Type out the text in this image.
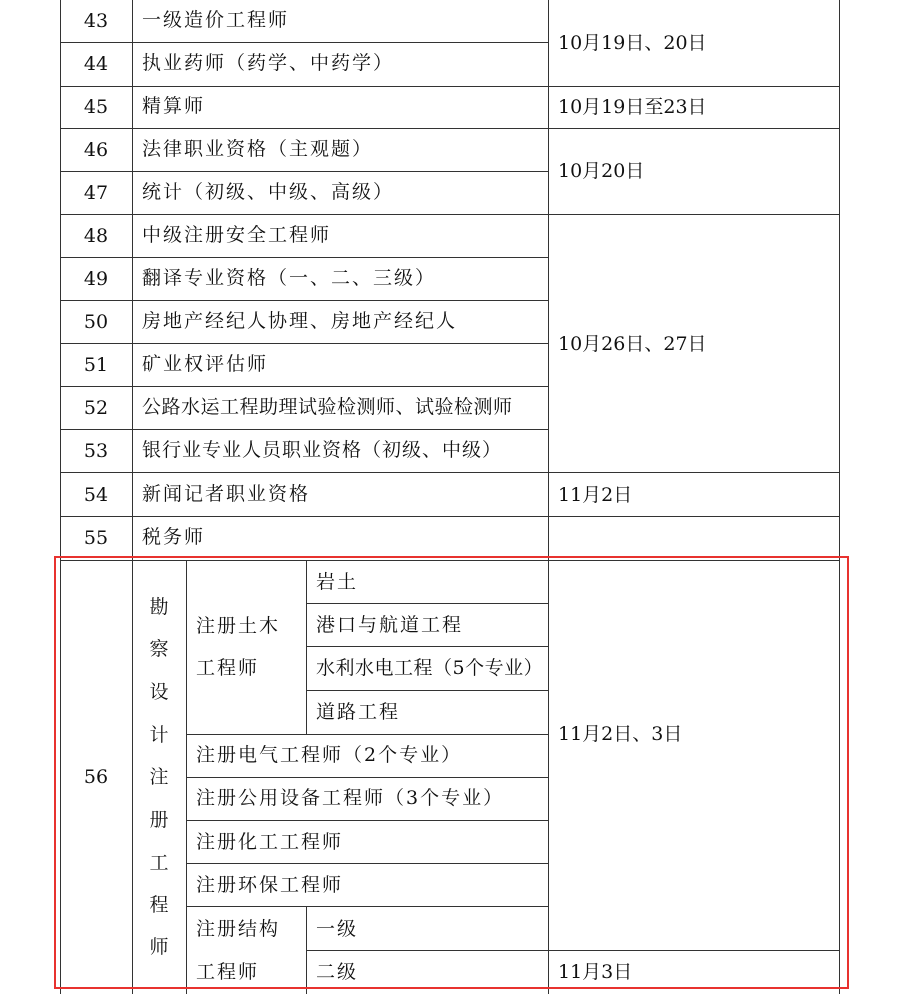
43
44
45
46
47
48
49
50
51
52
53
54
55
一级造价工程师
执业药师（药学、中药学）
精算师
法律职业资格（主观题）
统计（初级、中级、高级）
中级注册安全工程师
翻译专业资格（一、二、三级）
房地产经纪人协理、房地产经纪人
矿业权评估师
公路水运工程助理试验检测师、试验检测师
银行业专业人员职业资格（初级、中级）
新闻记者职业资格
税务师
10月19日、20日
10月19日至23日
10月20日
10月26日、27日
11月2日
11月2日、3日
11月3日
56
勘
察
设
计
注
册
工
程
师
注册土木
工程师
岩土
港口与航道工程
水利水电工程（5个专业）
道路工程
注册电气工程师（2个专业）
注册公用设备工程师（3个专业）
注册化工工程师
注册环保工程师
注册结构
工程师
一级
二级
